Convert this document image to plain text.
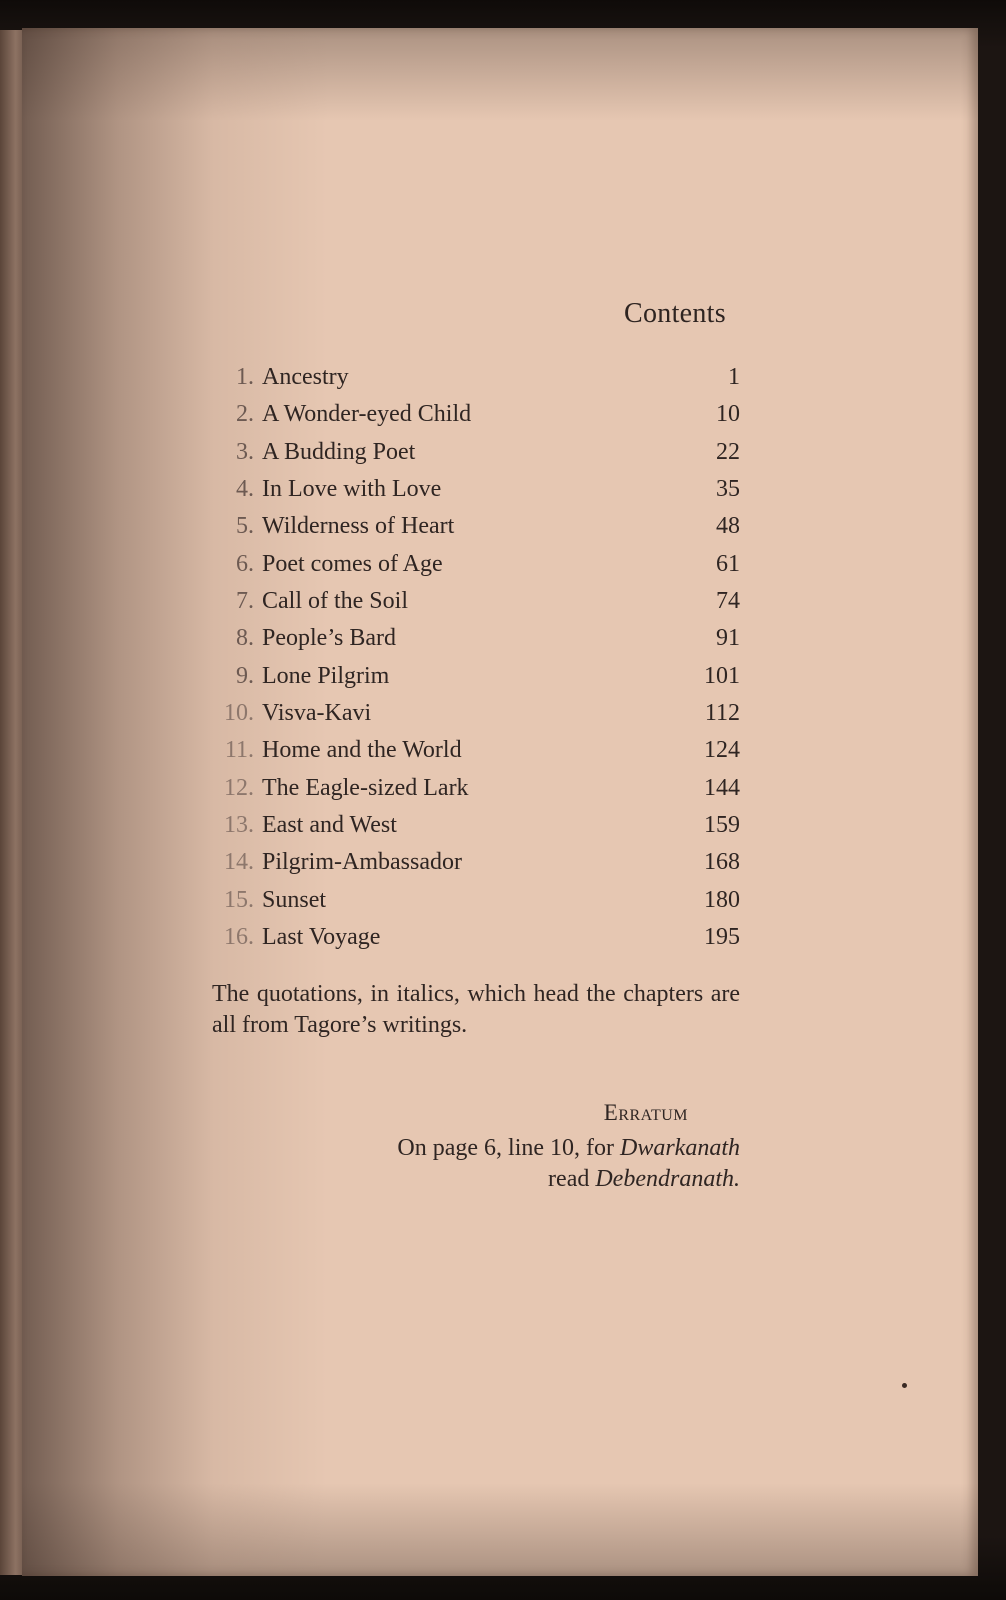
Contents
1. Ancestry	1
2. A Wonder-eyed Child	10
3. A Budding Poet	22
4. In Love with Love	35
5. Wilderness of Heart	48
6. Poet comes of Age	61
7. Call of the Soil	74
8. People’s Bard	91
9. Lone Pilgrim	101
10. Visva-Kavi	112
11. Home and the World	124
12. The Eagle-sized Lark	144
13. East and West	159
14. Pilgrim-Ambassador	168
15. Sunset	180
16. Last Voyage	195
The quotations, in italics, which head the chapters are all from Tagore’s writings.
Erratum
On page 6, line 10, for Dwarkanath
read Debendranath.
